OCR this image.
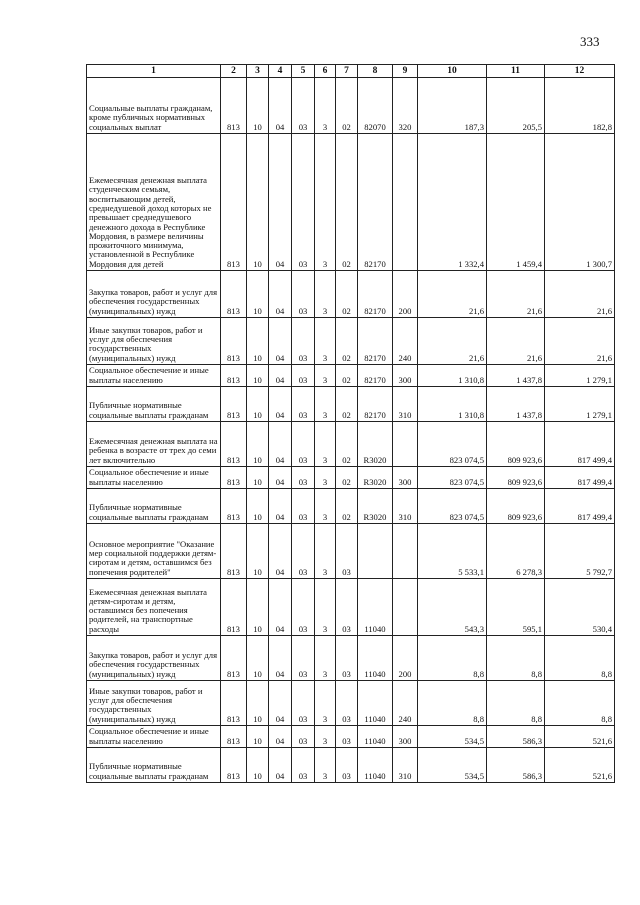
333
1	2	3	4	5	6	7	8	9	10	11	12
Социальные выплаты гражданам, кроме публичных нормативных социальных выплат	813	10	04	03	3	02	82070	320	187,3	205,5	182,8
Ежемесячная денежная выплата студенческим семьям, воспитывающим детей, среднедушевой доход которых не превышает среднедушевого денежного дохода в Республике Мордовия, в размере величины прожиточного минимума, установленной в Республике Мордовия для детей	813	10	04	03	3	02	82170		1 332,4	1 459,4	1 300,7
Закупка товаров, работ и услуг для обеспечения государственных (муниципальных) нужд	813	10	04	03	3	02	82170	200	21,6	21,6	21,6
Иные закупки товаров, работ и услуг для обеспечения государственных (муниципальных) нужд	813	10	04	03	3	02	82170	240	21,6	21,6	21,6
Социальное обеспечение и иные выплаты населению	813	10	04	03	3	02	82170	300	1 310,8	1 437,8	1 279,1
Публичные нормативные социальные выплаты гражданам	813	10	04	03	3	02	82170	310	1 310,8	1 437,8	1 279,1
Ежемесячная денежная выплата на ребенка в возрасте от трех до семи лет включительно	813	10	04	03	3	02	R3020		823 074,5	809 923,6	817 499,4
Социальное обеспечение и иные выплаты населению	813	10	04	03	3	02	R3020	300	823 074,5	809 923,6	817 499,4
Публичные нормативные социальные выплаты гражданам	813	10	04	03	3	02	R3020	310	823 074,5	809 923,6	817 499,4
Основное мероприятие "Оказание мер социальной поддержки детям-сиротам и детям, оставшимся без попечения родителей"	813	10	04	03	3	03			5 533,1	6 278,3	5 792,7
Ежемесячная денежная выплата детям-сиротам и детям, оставшимся без попечения родителей, на транспортные расходы	813	10	04	03	3	03	11040		543,3	595,1	530,4
Закупка товаров, работ и услуг для обеспечения государственных (муниципальных) нужд	813	10	04	03	3	03	11040	200	8,8	8,8	8,8
Иные закупки товаров, работ и услуг для обеспечения государственных (муниципальных) нужд	813	10	04	03	3	03	11040	240	8,8	8,8	8,8
Социальное обеспечение и иные выплаты населению	813	10	04	03	3	03	11040	300	534,5	586,3	521,6
Публичные нормативные социальные выплаты гражданам	813	10	04	03	3	03	11040	310	534,5	586,3	521,6
